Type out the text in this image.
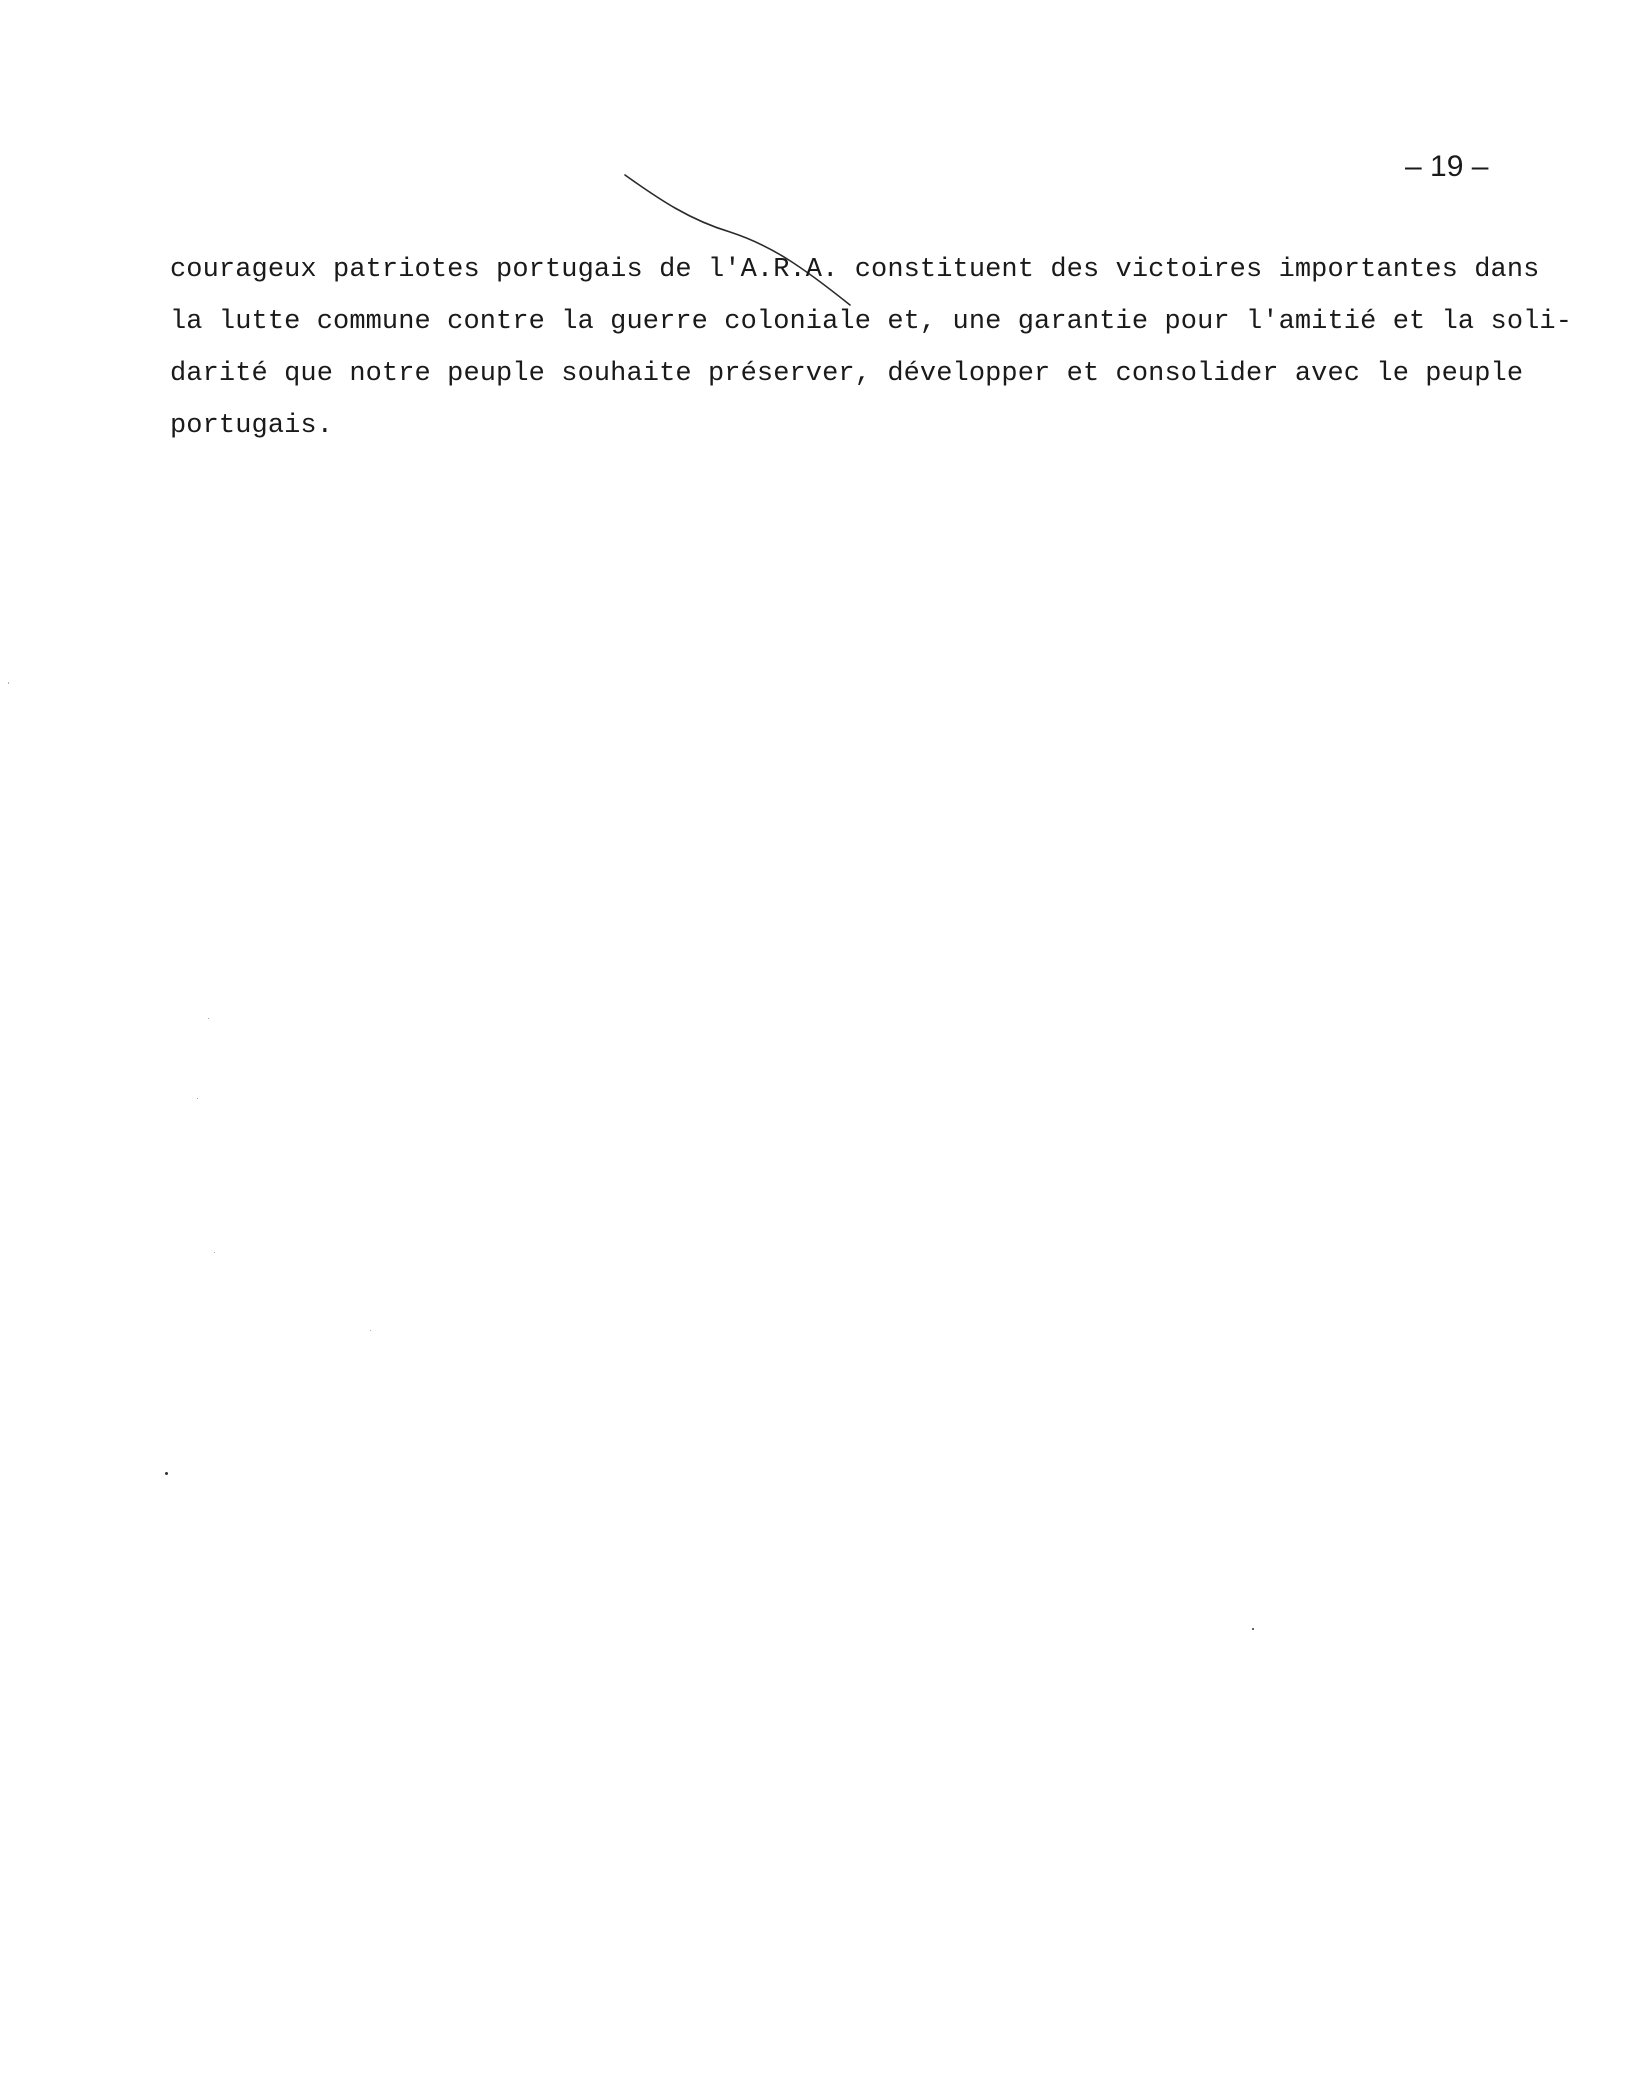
– 19 –
courageux patriotes portugais de l'A.R.A. constituent des victoires importantes dans
la lutte commune contre la guerre coloniale et, une garantie pour l'amitié et la soli-
darité que notre peuple souhaite préserver, développer et consolider avec le peuple
portugais.
